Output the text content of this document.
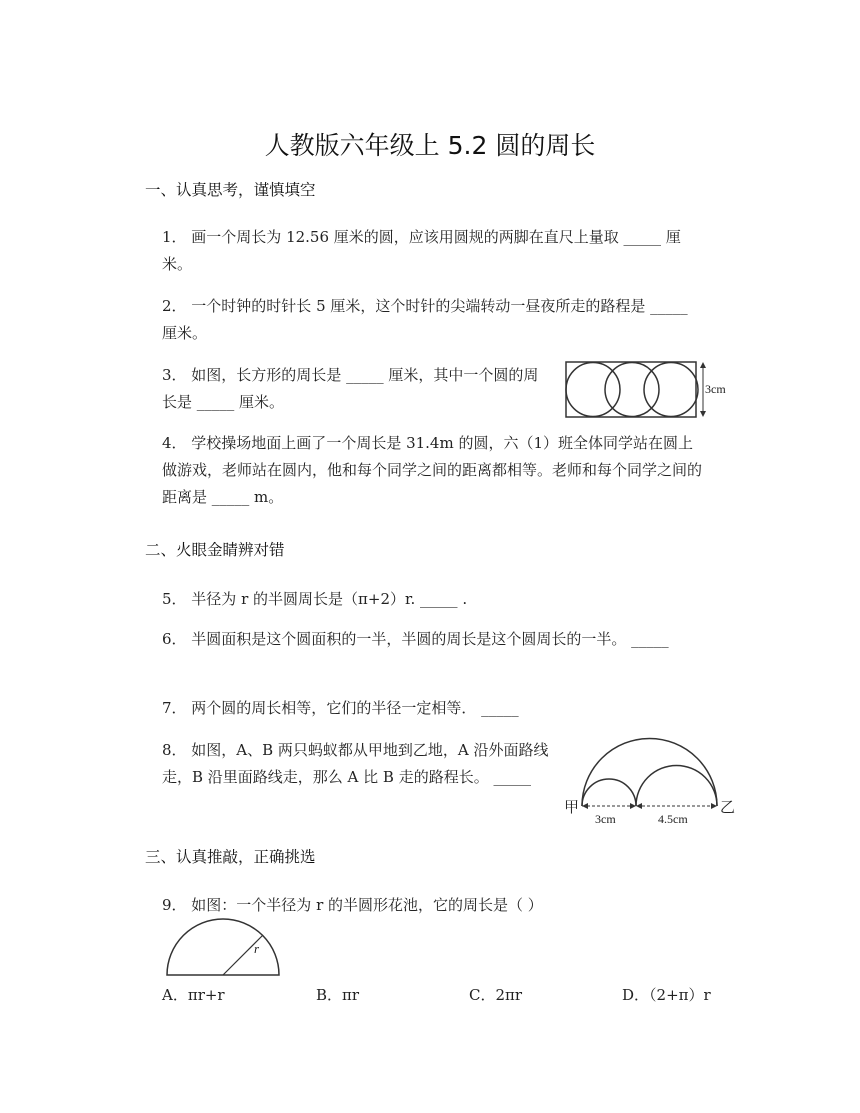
人教版六年级上 5.2 圆的周长
一、认真思考，谨慎填空
二、火眼金睛辨对错
三、认真推敲，正确挑选
1． 画一个周长为 12.56 厘米的圆，应该用圆规的两脚在直尺上量取 _____ 厘米。
2． 一个时钟的时针长 5 厘米，这个时针的尖端转动一昼夜所走的路程是 _____ 厘米。
3． 如图，长方形的周长是 _____ 厘米，其中一个圆的周长是 _____ 厘米。
4． 学校操场地面上画了一个周长是 31.4m 的圆，六（1）班全体同学站在圆上做游戏，老师站在圆内，他和每个同学之间的距离都相等。老师和每个同学之间的距离是 _____ m。
5． 半径为 r 的半圆周长是（π+2）r. _____ .
6． 半圆面积是这个圆面积的一半，半圆的周长是这个圆周长的一半。 _____
7． 两个圆的周长相等，它们的半径一定相等． _____
8． 如图，A、B 两只蚂蚁都从甲地到乙地，A 沿外面路线走，B 沿里面路线走，那么 A 比 B 走的路程长。 _____
9． 如图：一个半径为 r 的半圆形花池，它的周长是（ ）
3cm
甲	乙
3cm	4.5cm
r
A．πr+r	B．πr	C．2πr	D．（2+π）r
